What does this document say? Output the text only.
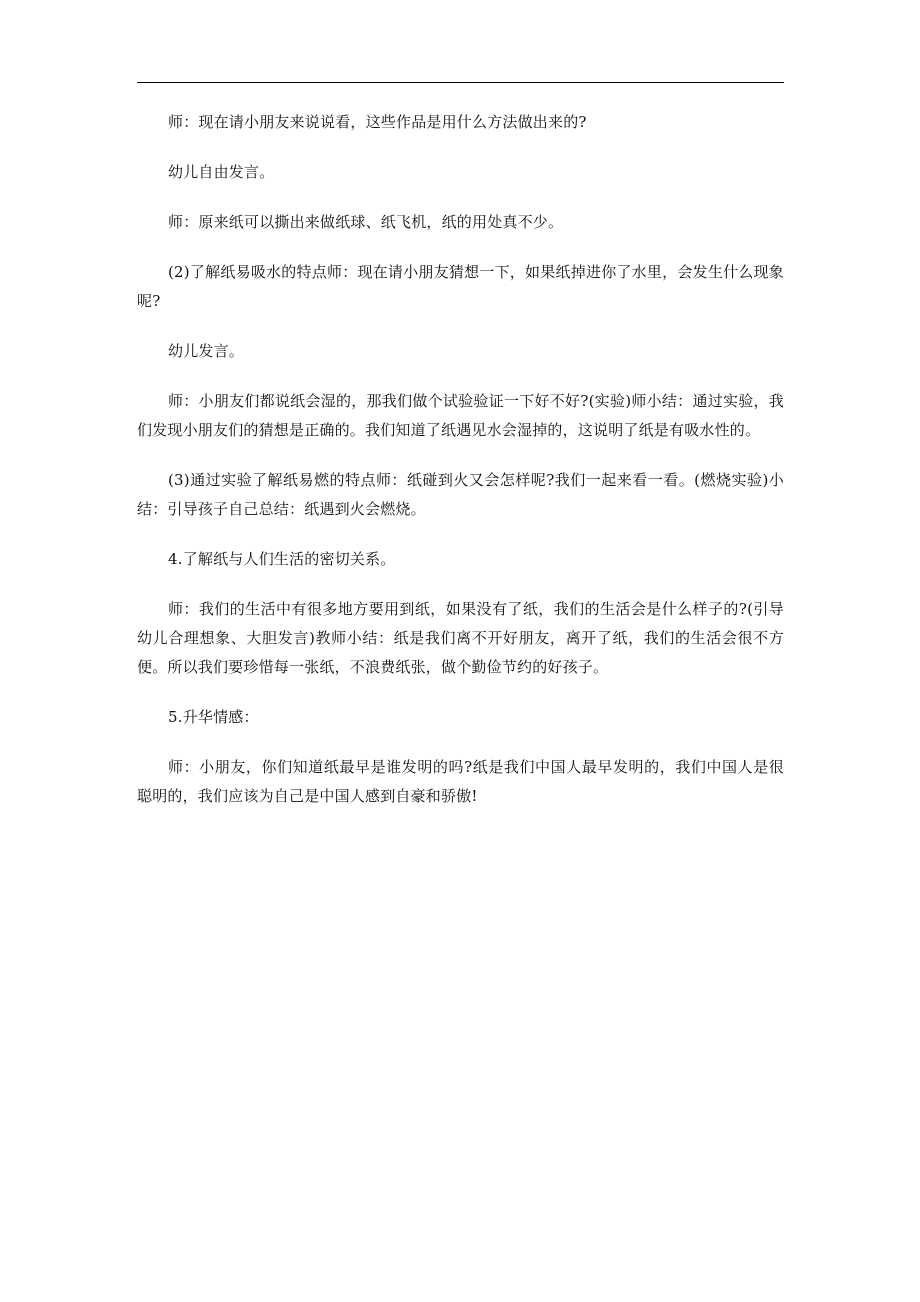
师：现在请小朋友来说说看，这些作品是用什么方法做出来的?

幼儿自由发言。

师：原来纸可以撕出来做纸球、纸飞机，纸的用处真不少。

(2)了解纸易吸水的特点师：现在请小朋友猜想一下，如果纸掉进你了水里，会发生什么现象呢?

幼儿发言。

师：小朋友们都说纸会湿的，那我们做个试验验证一下好不好?(实验)师小结：通过实验，我们发现小朋友们的猜想是正确的。我们知道了纸遇见水会湿掉的，这说明了纸是有吸水性的。

(3)通过实验了解纸易燃的特点师：纸碰到火又会怎样呢?我们一起来看一看。(燃烧实验)小结：引导孩子自己总结：纸遇到火会燃烧。

4.了解纸与人们生活的密切关系。

师：我们的生活中有很多地方要用到纸，如果没有了纸，我们的生活会是什么样子的?(引导幼儿合理想象、大胆发言)教师小结：纸是我们离不开好朋友，离开了纸，我们的生活会很不方便。所以我们要珍惜每一张纸，不浪费纸张，做个勤俭节约的好孩子。

5.升华情感：

师：小朋友，你们知道纸最早是谁发明的吗?纸是我们中国人最早发明的，我们中国人是很聪明的，我们应该为自己是中国人感到自豪和骄傲!
